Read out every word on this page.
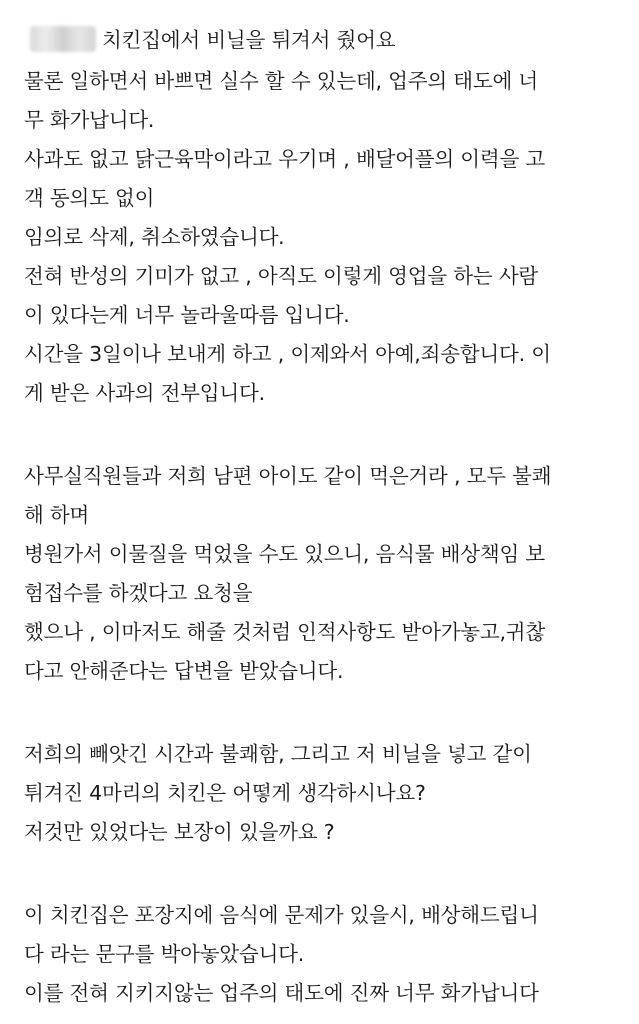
치킨집에서 비닐을 튀겨서 줬어요
물론 일하면서 바쁘면 실수 할 수 있는데, 업주의 태도에 너
무 화가납니다.
사과도 없고 닭근육막이라고 우기며 , 배달어플의 이력을 고
객 동의도 없이
임의로 삭제, 취소하였습니다.
전혀 반성의 기미가 없고 , 아직도 이렇게 영업을 하는 사람
이 있다는게 너무 놀라울따름 입니다.
시간을 3일이나 보내게 하고 , 이제와서 아예,죄송합니다. 이
게 받은 사과의 전부입니다.
사무실직원들과 저희 남편 아이도 같이 먹은거라 , 모두 불쾌
해 하며
병원가서 이물질을 먹었을 수도 있으니, 음식물 배상책임 보
험접수를 하겠다고 요청을
했으나 , 이마저도 해줄 것처럼 인적사항도 받아가놓고,귀찮
다고 안해준다는 답변을 받았습니다.
저희의 빼앗긴 시간과 불쾌함, 그리고 저 비닐을 넣고 같이
튀겨진 4마리의 치킨은 어떻게 생각하시나요?
저것만 있었다는 보장이 있을까요 ?
이 치킨집은 포장지에 음식에 문제가 있을시, 배상해드립니
다 라는 문구를 박아놓았습니다.
이를 전혀 지키지않는 업주의 태도에 진짜 너무 화가납니다
